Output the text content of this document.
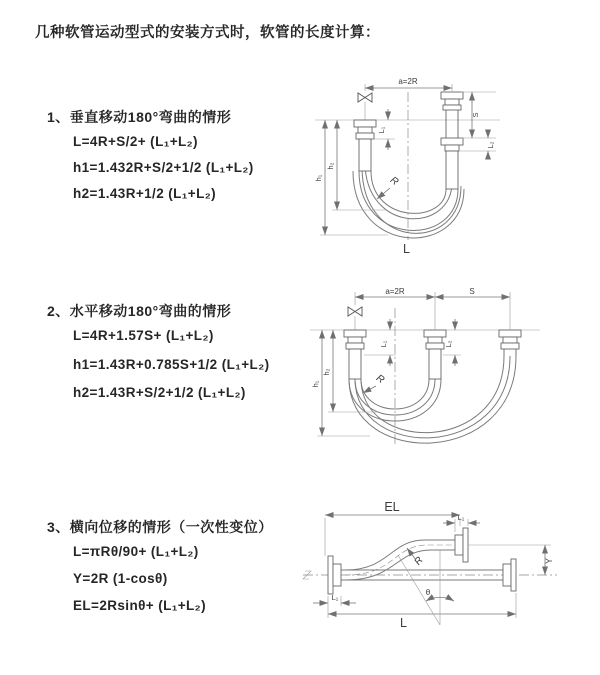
几种软管运动型式的安装方式时，软管的长度计算：
1、垂直移动180°弯曲的情形
L=4R+S/2+ (L₁+L₂)
h1=1.432R+S/2+1/2 (L₁+L₂)
h2=1.43R+1/2 (L₁+L₂)
2、水平移动180°弯曲的情形
L=4R+1.57S+ (L₁+L₂)
h1=1.43R+0.785S+1/2 (L₁+L₂)
h2=1.43R+S/2+1/2 (L₁+L₂)
3、横向位移的情形（一次性变位）
L=πRθ/90+ (L₁+L₂)
Y=2R (1-cosθ)
EL=2Rsinθ+ (L₁+L₂)
a=2R
h₁
h₂
L₁
S
L₂
R
L
a=2R	S
h₁
h₂
L₁	L₂
R
EL
L₁
Y
L
L₁
θ
R
